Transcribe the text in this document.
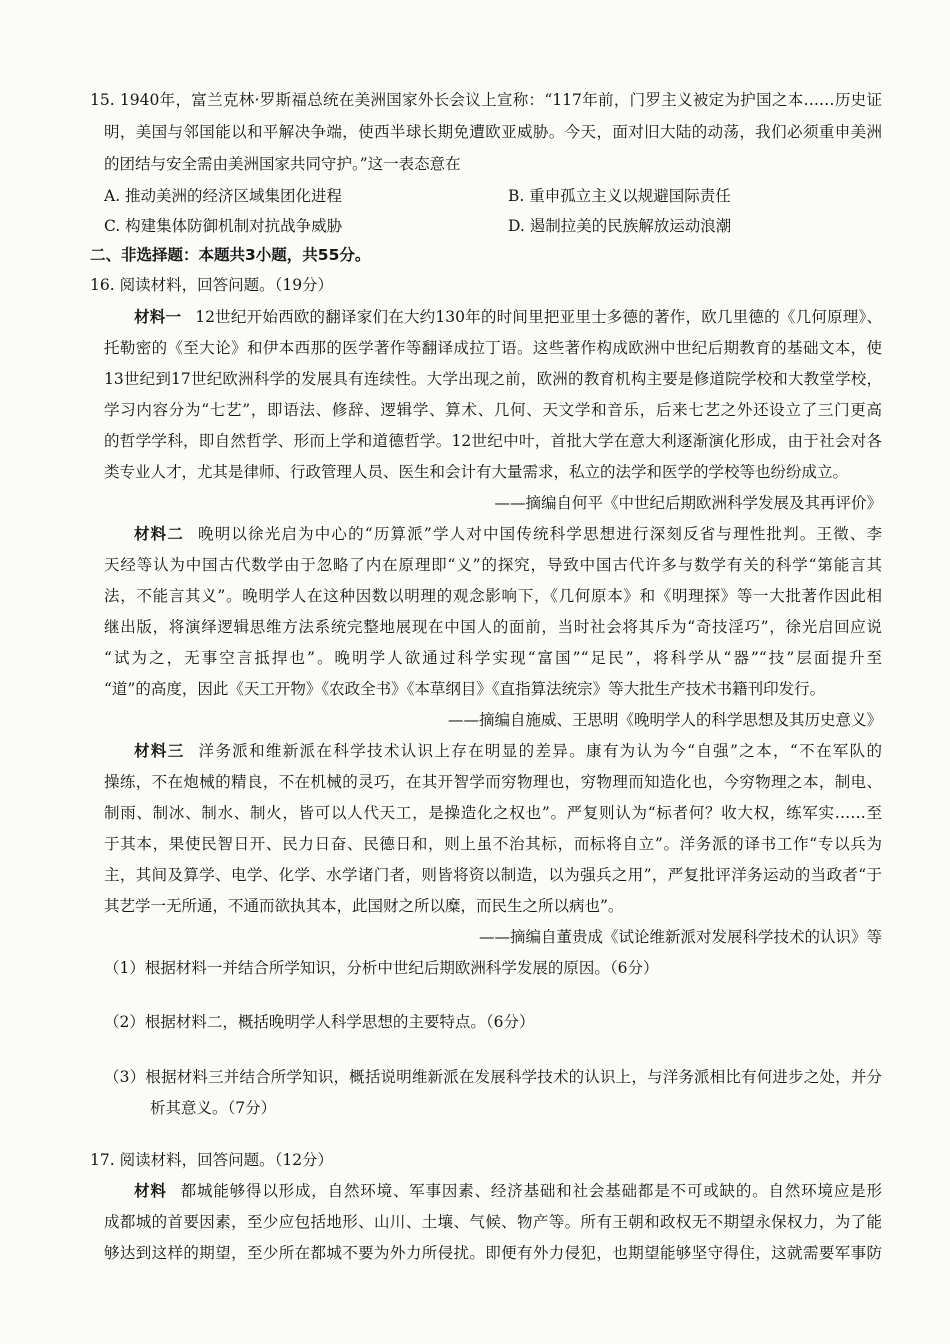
15. 1940年，富兰克林·罗斯福总统在美洲国家外长会议上宣称：“117年前，门罗主义被定为护国之本……历史证

明，美国与邻国能以和平解决争端，使西半球长期免遭欧亚威胁。今天，面对旧大陆的动荡，我们必须重申美洲

的团结与安全需由美洲国家共同守护。”这一表态意在

A. 推动美洲的经济区域集团化进程	B. 重申孤立主义以规避国际责任
C. 构建集体防御机制对抗战争威胁	D. 遏制拉美的民族解放运动浪潮

二、非选择题：本题共3小题，共55分。

16. 阅读材料，回答问题。（19分）

材料一 12世纪开始西欧的翻译家们在大约130年的时间里把亚里士多德的著作，欧几里德的《几何原理》、

托勒密的《至大论》和伊本西那的医学著作等翻译成拉丁语。这些著作构成欧洲中世纪后期教育的基础文本，使

13世纪到17世纪欧洲科学的发展具有连续性。大学出现之前，欧洲的教育机构主要是修道院学校和大教堂学校，

学习内容分为“七艺”，即语法、修辞、逻辑学、算术、几何、天文学和音乐，后来七艺之外还设立了三门更高

的哲学学科，即自然哲学、形而上学和道德哲学。12世纪中叶，首批大学在意大利逐渐演化形成，由于社会对各

类专业人才，尤其是律师、行政管理人员、医生和会计有大量需求，私立的法学和医学的学校等也纷纷成立。

——摘编自何平《中世纪后期欧洲科学发展及其再评价》

材料二 晚明以徐光启为中心的“历算派”学人对中国传统科学思想进行深刻反省与理性批判。王徵、李

天经等认为中国古代数学由于忽略了内在原理即“义”的探究，导致中国古代许多与数学有关的科学“第能言其

法，不能言其义”。晚明学人在这种因数以明理的观念影响下，《几何原本》和《明理探》等一大批著作因此相

继出版，将演绎逻辑思维方法系统完整地展现在中国人的面前，当时社会将其斥为“奇技淫巧”，徐光启回应说

“试为之，无事空言抵捍也”。晚明学人欲通过科学实现“富国”“足民”，将科学从“器”“技”层面提升至

“道”的高度，因此《天工开物》《农政全书》《本草纲目》《直指算法统宗》等大批生产技术书籍刊印发行。

——摘编自施威、王思明《晚明学人的科学思想及其历史意义》

材料三 洋务派和维新派在科学技术认识上存在明显的差异。康有为认为今“自强”之本，“不在军队的

操练，不在炮械的精良，不在机械的灵巧，在其开智学而穷物理也，穷物理而知造化也，今穷物理之本，制电、

制雨、制冰、制水、制火，皆可以人代天工，是操造化之权也”。严复则认为“标者何？收大权，练军实……至

于其本，果使民智日开、民力日奋、民德日和，则上虽不治其标，而标将自立”。洋务派的译书工作“专以兵为

主，其间及算学、电学、化学、水学诸门者，则皆将资以制造，以为强兵之用”，严复批评洋务运动的当政者“于

其艺学一无所通，不通而欲执其本，此国财之所以糜，而民生之所以病也”。

——摘编自董贵成《试论维新派对发展科学技术的认识》等

（1）根据材料一并结合所学知识，分析中世纪后期欧洲科学发展的原因。（6分）

（2）根据材料二，概括晚明学人科学思想的主要特点。（6分）

（3）根据材料三并结合所学知识，概括说明维新派在发展科学技术的认识上，与洋务派相比有何进步之处，并分

析其意义。（7分）

17. 阅读材料，回答问题。（12分）

材料 都城能够得以形成，自然环境、军事因素、经济基础和社会基础都是不可或缺的。自然环境应是形

成都城的首要因素，至少应包括地形、山川、土壤、气候、物产等。所有王朝和政权无不期望永保权力，为了能

够达到这样的期望，至少所在都城不要为外力所侵扰。即便有外力侵犯，也期望能够坚守得住，这就需要军事防
